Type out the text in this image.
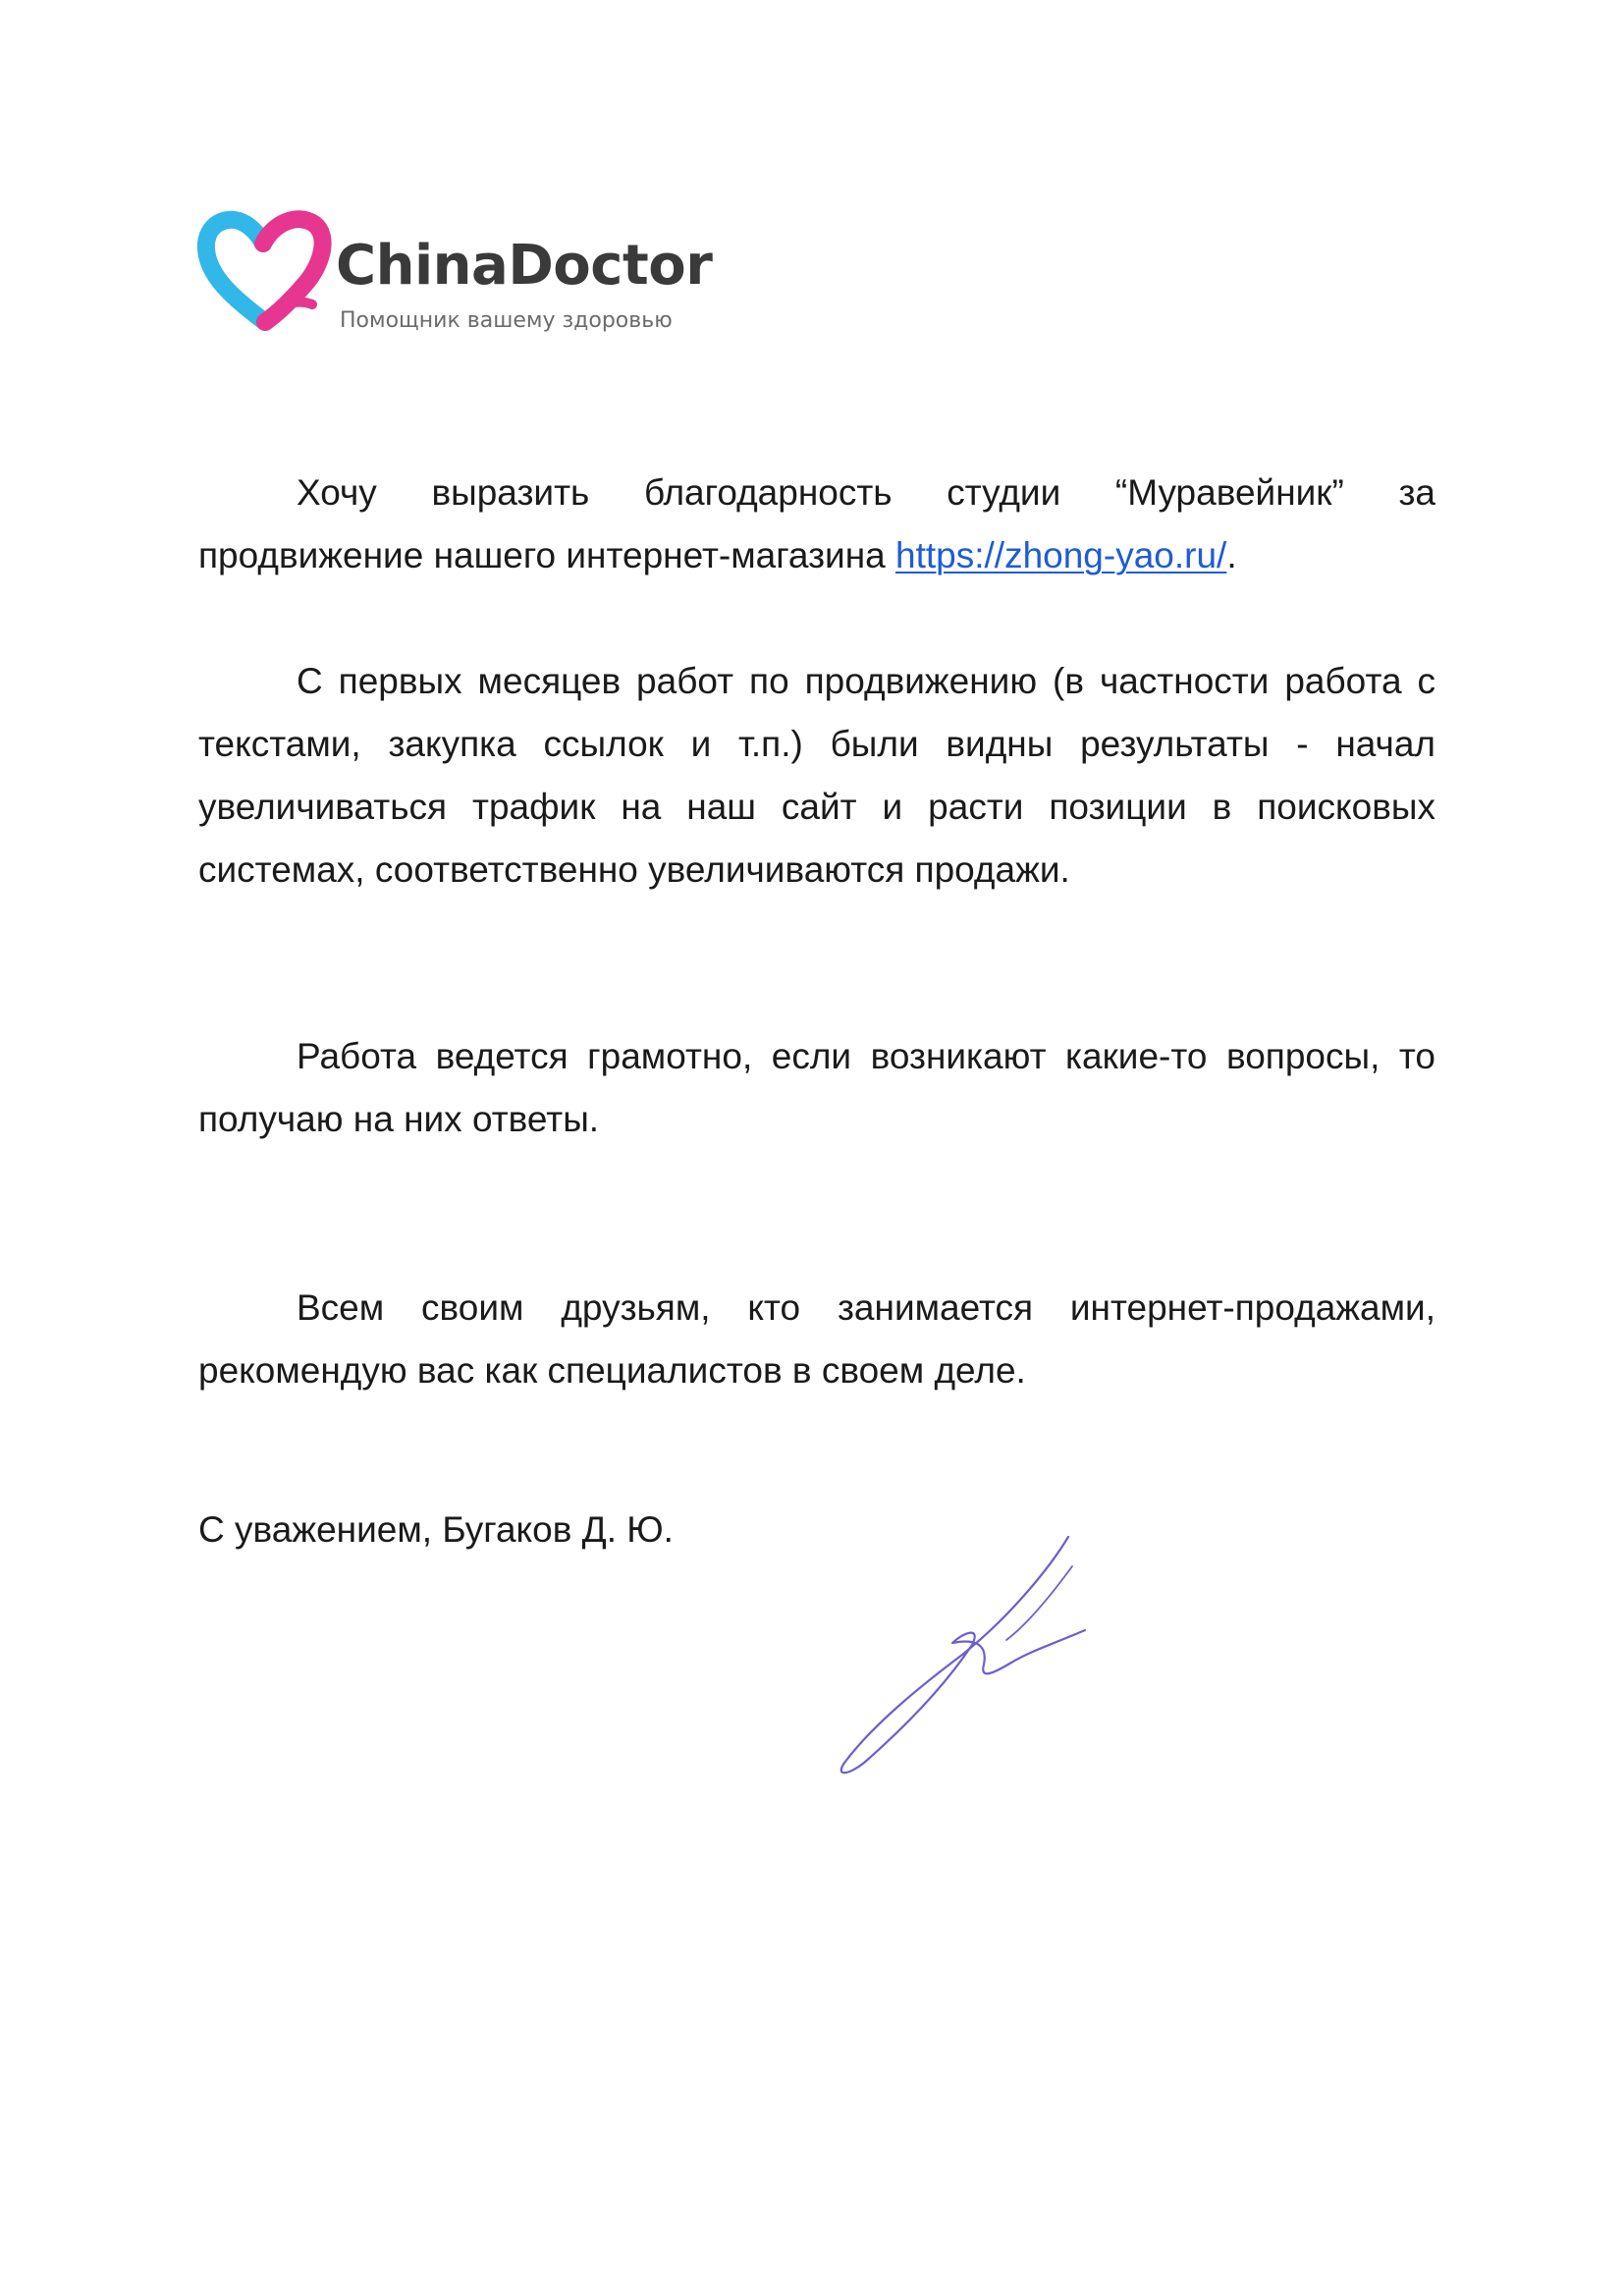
ChinaDoctor
Помощник вашему здоровью

Хочу выразить благодарность студии “Муравейник” за продвижение нашего интернет-магазина https://zhong-yao.ru/.

С первых месяцев работ по продвижению (в частности работа с текстами, закупка ссылок и т.п.) были видны результаты - начал увеличиваться трафик на наш сайт и расти позиции в поисковых системах, соответственно увеличиваются продажи.

Работа ведется грамотно, если возникают какие-то вопросы, то получаю на них ответы.

Всем своим друзьям, кто занимается интернет-продажами, рекомендую вас как специалистов в своем деле.

С уважением, Бугаков Д. Ю.
